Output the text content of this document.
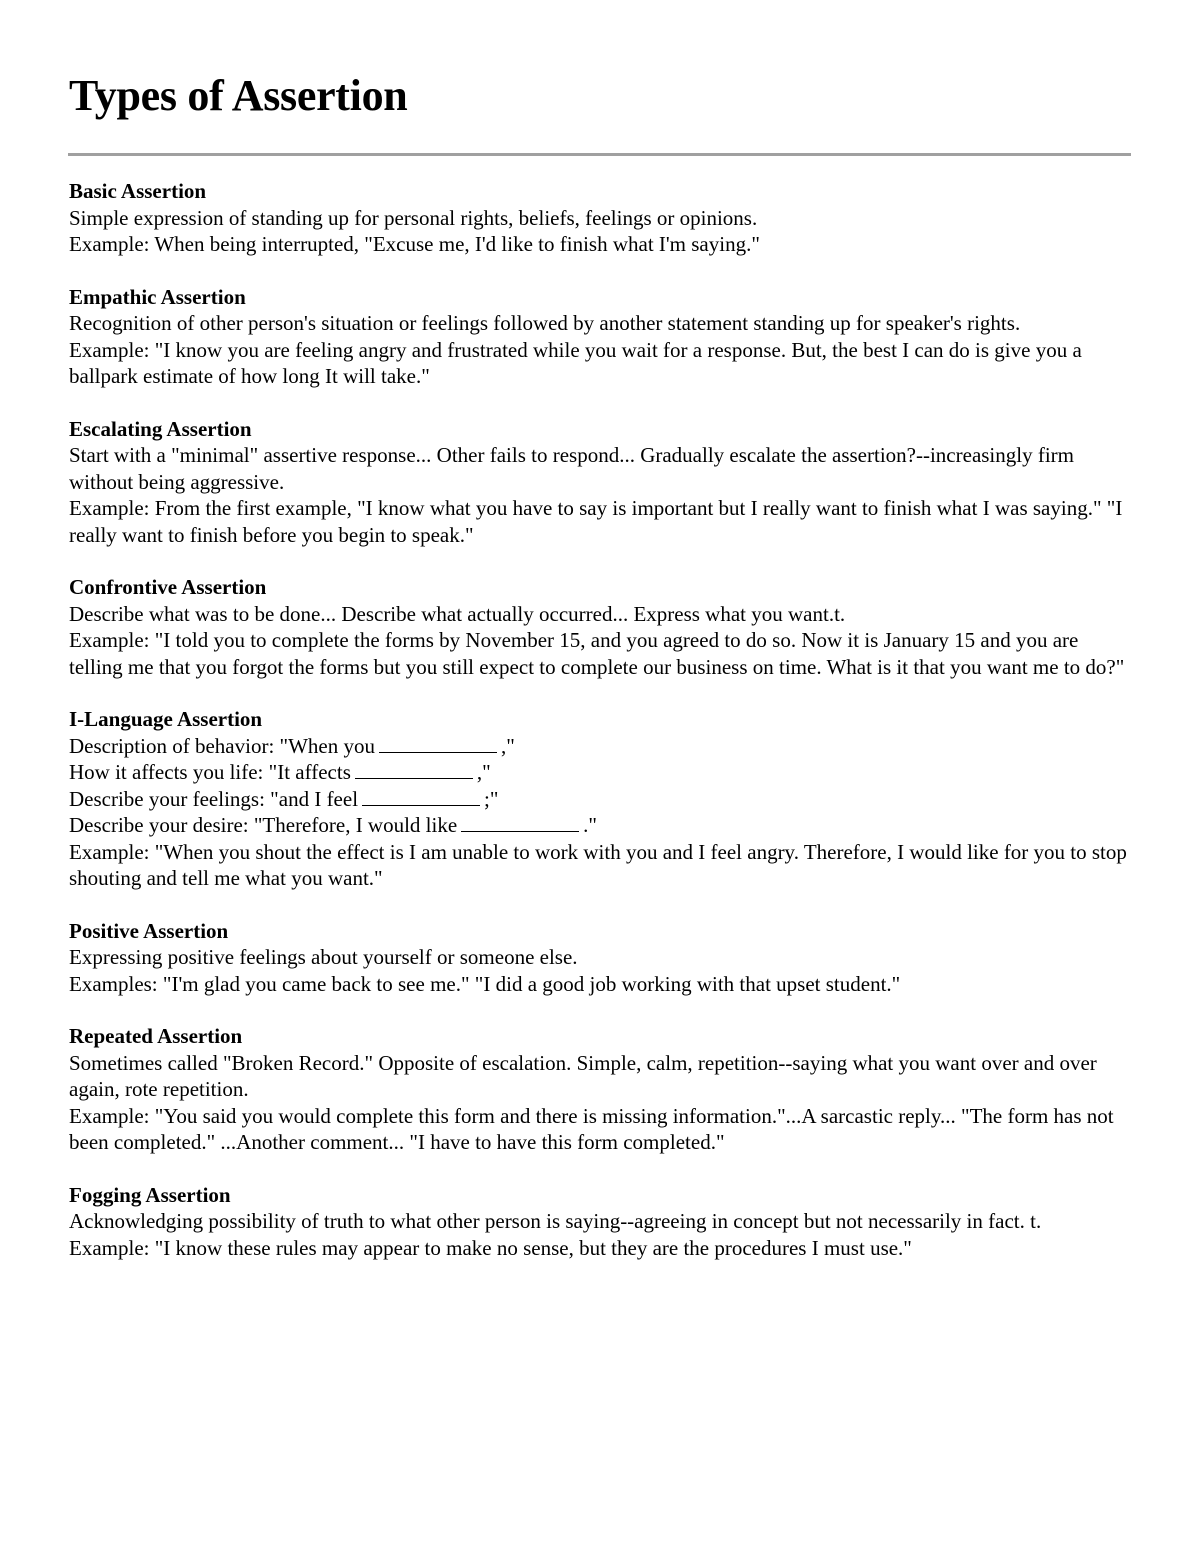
Types of Assertion
Basic Assertion
Simple expression of standing up for personal rights, beliefs, feelings or opinions.
Example: When being interrupted, "Excuse me, I'd like to finish what I'm saying."
Empathic Assertion
Recognition of other person's situation or feelings followed by another statement standing up for speaker's rights.
Example: "I know you are feeling angry and frustrated while you wait for a response. But, the best I can do is give you a ballpark estimate of how long It will take."
Escalating Assertion
Start with a "minimal" assertive response... Other fails to respond... Gradually escalate the assertion?--increasingly firm without being aggressive.
Example: From the first example, "I know what you have to say is important but I really want to finish what I was saying." "I really want to finish before you begin to speak."
Confrontive Assertion
Describe what was to be done... Describe what actually occurred... Express what you want.t.
Example: "I told you to complete the forms by November 15, and you agreed to do so. Now it is January 15 and you are telling me that you forgot the forms but you still expect to complete our business on time. What is it that you want me to do?"
I-Language Assertion
Description of behavior: "When you	,"
How it affects you life: "It affects	,"
Describe your feelings: "and I feel	;"
Describe your desire: "Therefore, I would like	."
Example: "When you shout the effect is I am unable to work with you and I feel angry. Therefore, I would like for you to stop shouting and tell me what you want."
Positive Assertion
Expressing positive feelings about yourself or someone else.
Examples: "I'm glad you came back to see me." "I did a good job working with that upset student."
Repeated Assertion
Sometimes called "Broken Record." Opposite of escalation. Simple, calm, repetition--saying what you want over and over again, rote repetition.
Example: "You said you would complete this form and there is missing information."...A sarcastic reply... "The form has not been completed." ...Another comment... "I have to have this form completed."
Fogging Assertion
Acknowledging possibility of truth to what other person is saying--agreeing in concept but not necessarily in fact. t.
Example: "I know these rules may appear to make no sense, but they are the procedures I must use."
